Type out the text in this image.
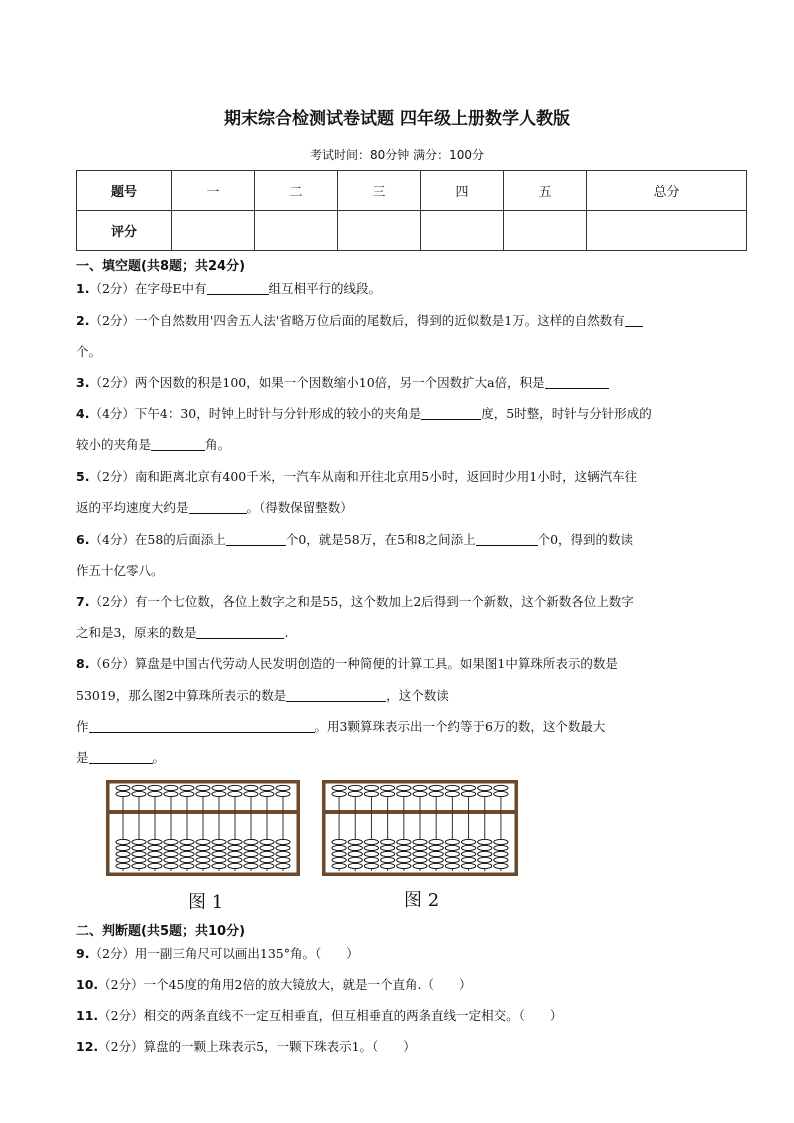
期末综合检测试卷试题 四年级上册数学人教版
考试时间：80分钟 满分：100分
题号	一	二	三	四	五	总分
评分						
一、填空题(共8题；共24分)
1.（2分）在字母E中有	组互相平行的线段。
2.（2分）一个自然数用'四舍五人法'省略万位后面的尾数后，得到的近似数是1万。这样的自然数有
个。
3.（2分）两个因数的积是100，如果一个因数缩小10倍，另一个因数扩大a倍，积是
4.（4分）下午4：30，时钟上时针与分针形成的较小的夹角是	度，5时整，时针与分针形成的
较小的夹角是	角。
5.（2分）南和距离北京有400千米，一汽车从南和开往北京用5小时，返回时少用1小时，这辆汽车往
返的平均速度大约是	。（得数保留整数）
6.（4分）在58的后面添上	个0，就是58万，在5和8之间添上	个0，得到的数读
作五十亿零八。
7.（2分）有一个七位数，各位上数字之和是55，这个数加上2后得到一个新数，这个新数各位上数字
之和是3，原来的数是	.
8.（6分）算盘是中国古代劳动人民发明创造的一种简便的计算工具。如果图1中算珠所表示的数是
53019，那么图2中算珠所表示的数是	，这个数读
作	。用3颗算珠表示出一个约等于6万的数，这个数最大
是	。
图 1	图 2
二、判断题(共5题；共10分)
9.（2分）用一副三角尺可以画出135°角。（　　）
10.（2分）一个45度的角用2倍的放大镜放大，就是一个直角.（　　）
11.（2分）相交的两条直线不一定互相垂直，但互相垂直的两条直线一定相交。（　　）
12.（2分）算盘的一颗上珠表示5，一颗下珠表示1。（　　）
